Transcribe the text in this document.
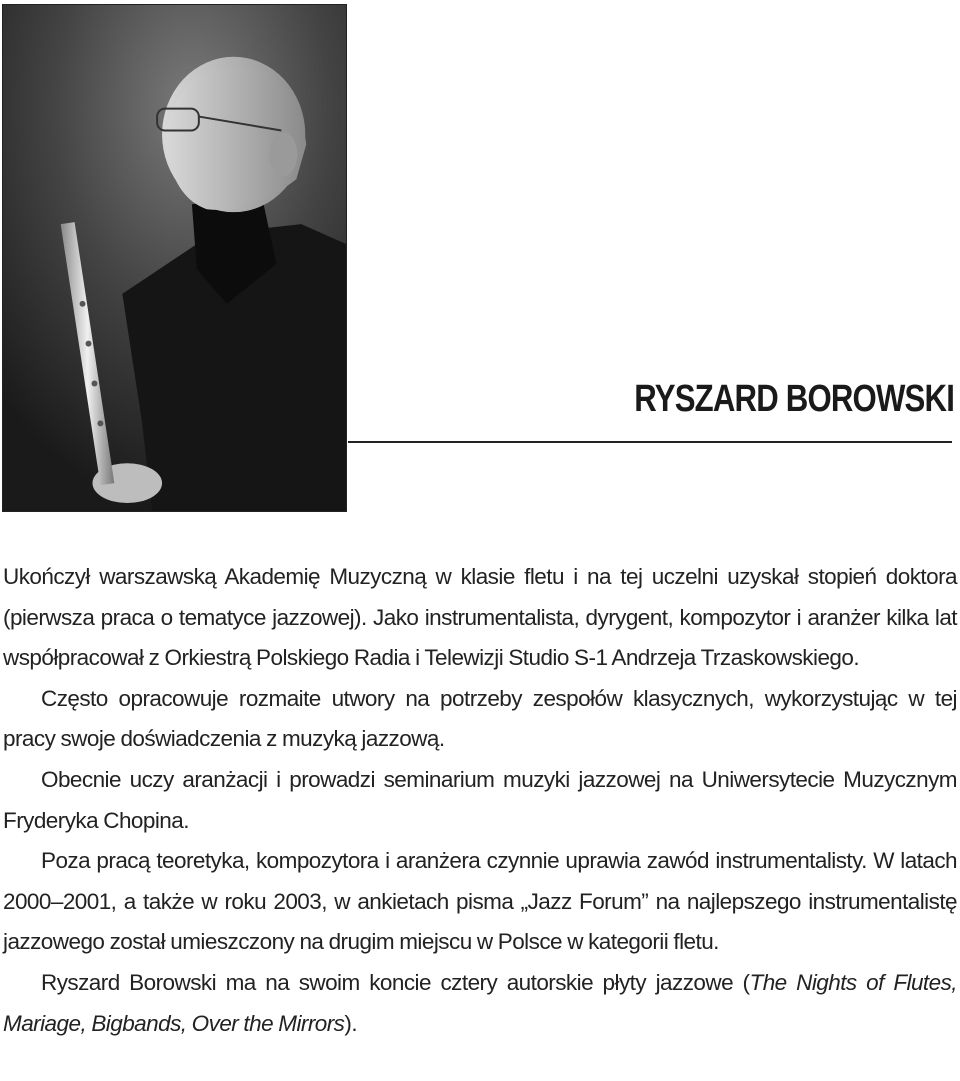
RYSZARD BOROWSKI

Ukończył warszawską Akademię Muzyczną w klasie fletu i na tej uczelni uzyskał stopień doktora (pierwsza praca o tematyce jazzowej). Jako instrumentalista, dyrygent, kompozytor i aranżer kilka lat współpracował z Orkiestrą Polskiego Radia i Telewizji Studio S-1 Andrzeja Trzaskowskiego.

Często opracowuje rozmaite utwory na potrzeby zespołów klasycznych, wykorzystując w tej pracy swoje doświadczenia z muzyką jazzową.

Obecnie uczy aranżacji i prowadzi seminarium muzyki jazzowej na Uniwersytecie Muzycznym Fryderyka Chopina.

Poza pracą teoretyka, kompozytora i aranżera czynnie uprawia zawód instrumentalisty. W latach 2000–2001, a także w roku 2003, w ankietach pisma „Jazz Forum” na najlepszego instrumentalistę jazzowego został umieszczony na drugim miejscu w Polsce w kategorii fletu.

Ryszard Borowski ma na swoim koncie cztery autorskie płyty jazzowe (The Nights of Flutes, Mariage, Bigbands, Over the Mirrors).
